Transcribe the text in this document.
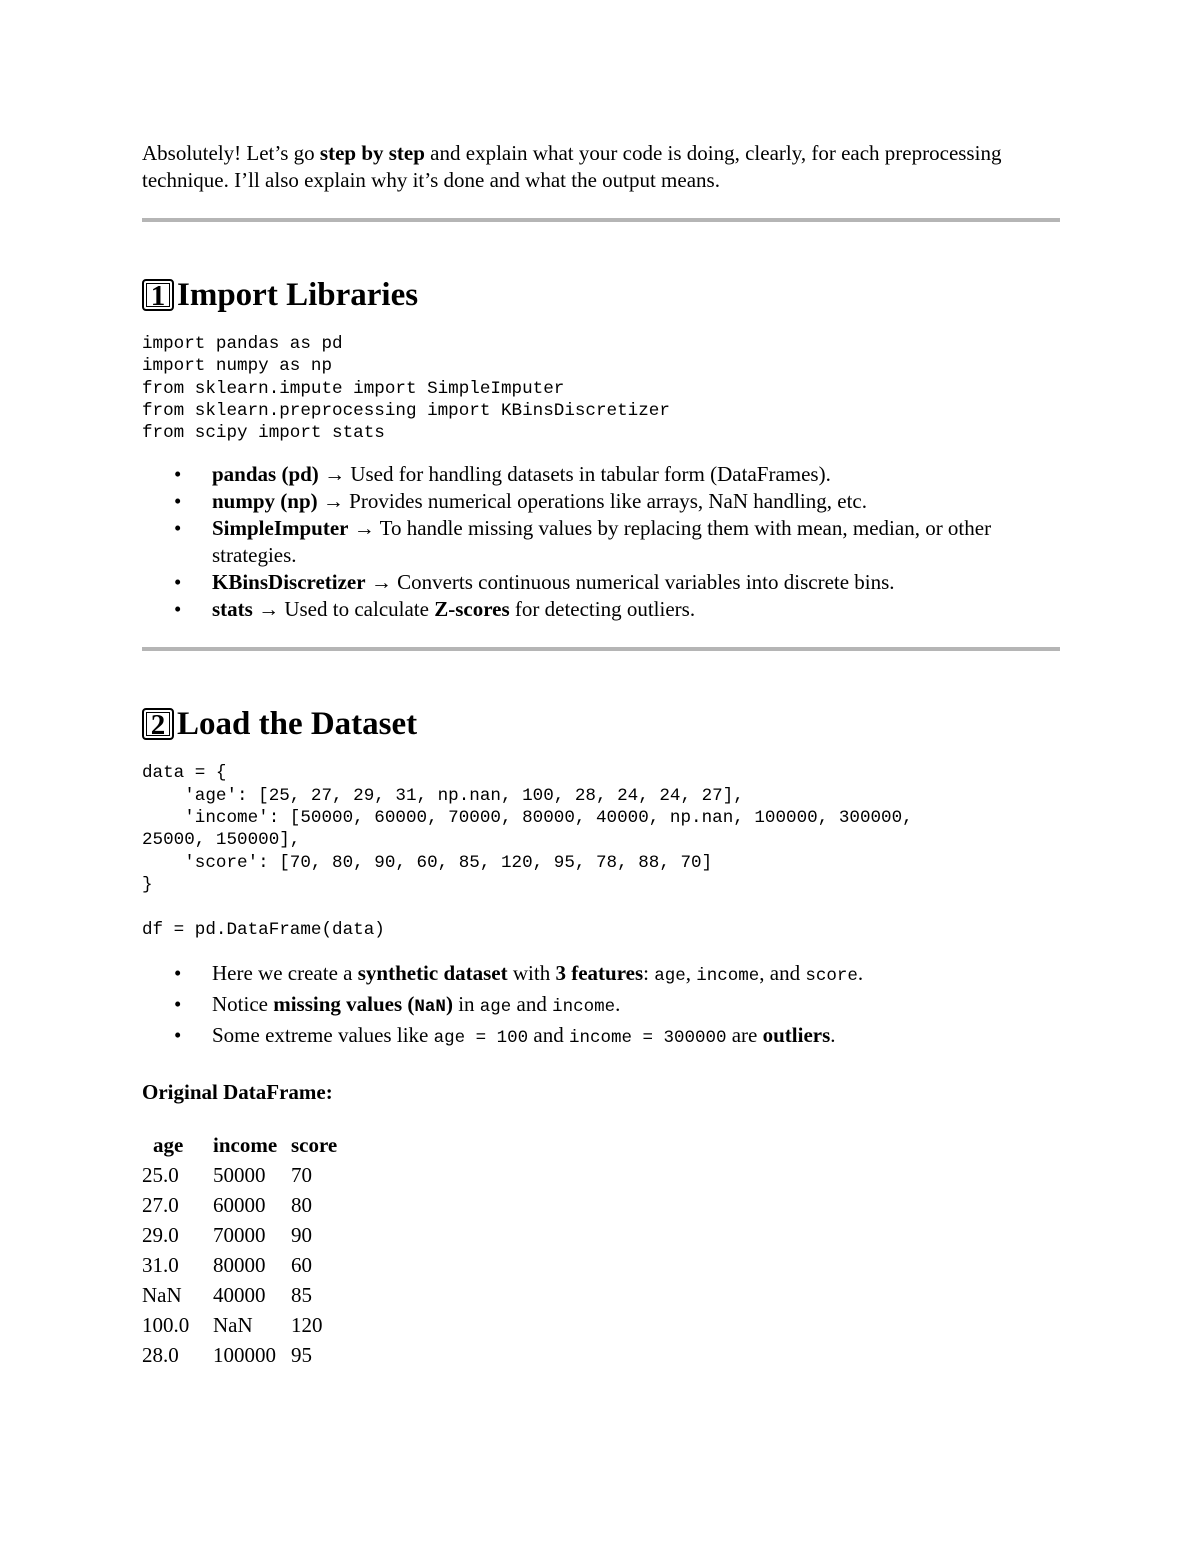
Absolutely! Let’s go step by step and explain what your code is doing, clearly, for each preprocessing technique. I’ll also explain why it’s done and what the output means.

1 Import Libraries
import pandas as pd
import numpy as np
from sklearn.impute import SimpleImputer
from sklearn.preprocessing import KBinsDiscretizer
from scipy import stats
• pandas (pd) → Used for handling datasets in tabular form (DataFrames).
• numpy (np) → Provides numerical operations like arrays, NaN handling, etc.
• SimpleImputer → To handle missing values by replacing them with mean, median, or other strategies.
• KBinsDiscretizer → Converts continuous numerical variables into discrete bins.
• stats → Used to calculate Z-scores for detecting outliers.
2 Load the Dataset
data = {
'age': [25, 27, 29, 31, np.nan, 100, 28, 24, 24, 27],
'income': [50000, 60000, 70000, 80000, 40000, np.nan, 100000, 300000,
25000, 150000],
'score': [70, 80, 90, 60, 85, 120, 95, 78, 88, 70]
}

df = pd.DataFrame(data)
• Here we create a synthetic dataset with 3 features: age, income, and score.
• Notice missing values (NaN) in age and income.
• Some extreme values like age = 100 and income = 300000 are outliers.

Original DataFrame:

age	income	score
25.0	50000	70
27.0	60000	80
29.0	70000	90
31.0	80000	60
NaN	40000	85
100.0	NaN	120
28.0	100000	95
